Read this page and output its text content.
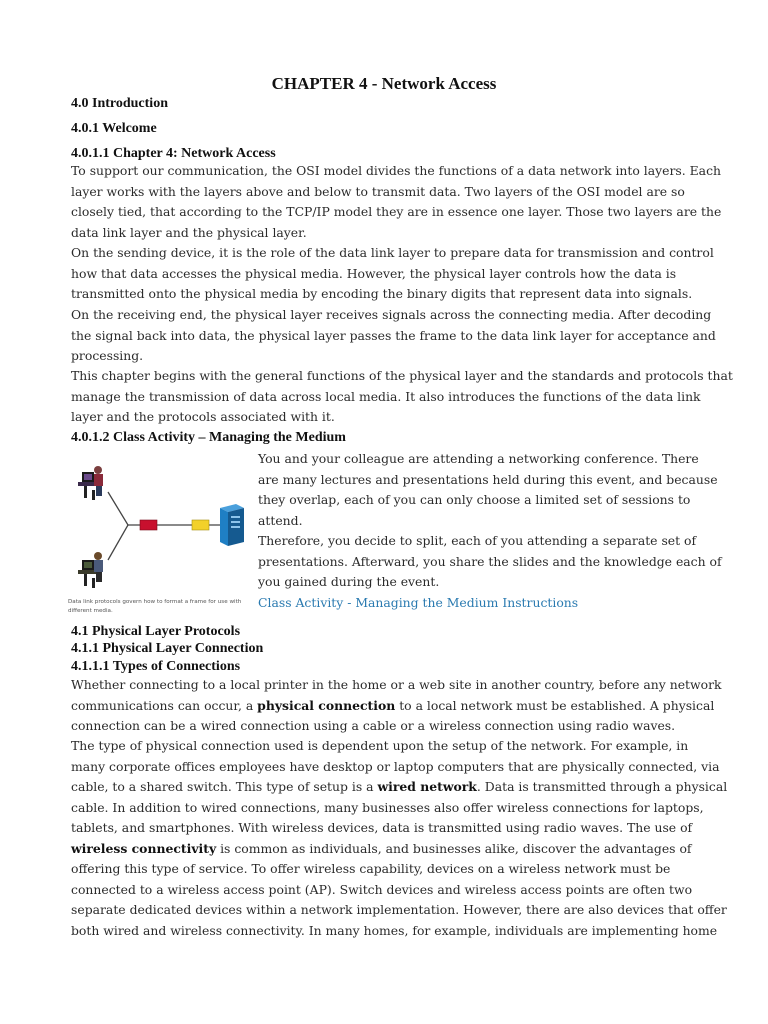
CHAPTER 4 - Network Access
4.0 Introduction
4.0.1 Welcome
4.0.1.1 Chapter 4: Network Access
To support our communication, the OSI model divides the functions of a data network into layers. Each
layer works with the layers above and below to transmit data. Two layers of the OSI model are so
closely tied, that according to the TCP/IP model they are in essence one layer. Those two layers are the
data link layer and the physical layer.
On the sending device, it is the role of the data link layer to prepare data for transmission and control
how that data accesses the physical media. However, the physical layer controls how the data is
transmitted onto the physical media by encoding the binary digits that represent data into signals.
On the receiving end, the physical layer receives signals across the connecting media. After decoding
the signal back into data, the physical layer passes the frame to the data link layer for acceptance and
processing.
This chapter begins with the general functions of the physical layer and the standards and protocols that
manage the transmission of data across local media. It also introduces the functions of the data link
layer and the protocols associated with it.
4.0.1.2 Class Activity – Managing the Medium
Data link protocols govern how to format a frame for use with
different media.
You and your colleague are attending a networking conference. There
are many lectures and presentations held during this event, and because
they overlap, each of you can only choose a limited set of sessions to
attend.
Therefore, you decide to split, each of you attending a separate set of
presentations. Afterward, you share the slides and the knowledge each of
you gained during the event.
Class Activity - Managing the Medium Instructions
4.1 Physical Layer Protocols
4.1.1 Physical Layer Connection
4.1.1.1 Types of Connections
Whether connecting to a local printer in the home or a web site in another country, before any network
communications can occur, a physical connection to a local network must be established. A physical
connection can be a wired connection using a cable or a wireless connection using radio waves.
The type of physical connection used is dependent upon the setup of the network. For example, in
many corporate offices employees have desktop or laptop computers that are physically connected, via
cable, to a shared switch. This type of setup is a wired network. Data is transmitted through a physical
cable. In addition to wired connections, many businesses also offer wireless connections for laptops,
tablets, and smartphones. With wireless devices, data is transmitted using radio waves. The use of
wireless connectivity is common as individuals, and businesses alike, discover the advantages of
offering this type of service. To offer wireless capability, devices on a wireless network must be
connected to a wireless access point (AP). Switch devices and wireless access points are often two
separate dedicated devices within a network implementation. However, there are also devices that offer
both wired and wireless connectivity. In many homes, for example, individuals are implementing home
